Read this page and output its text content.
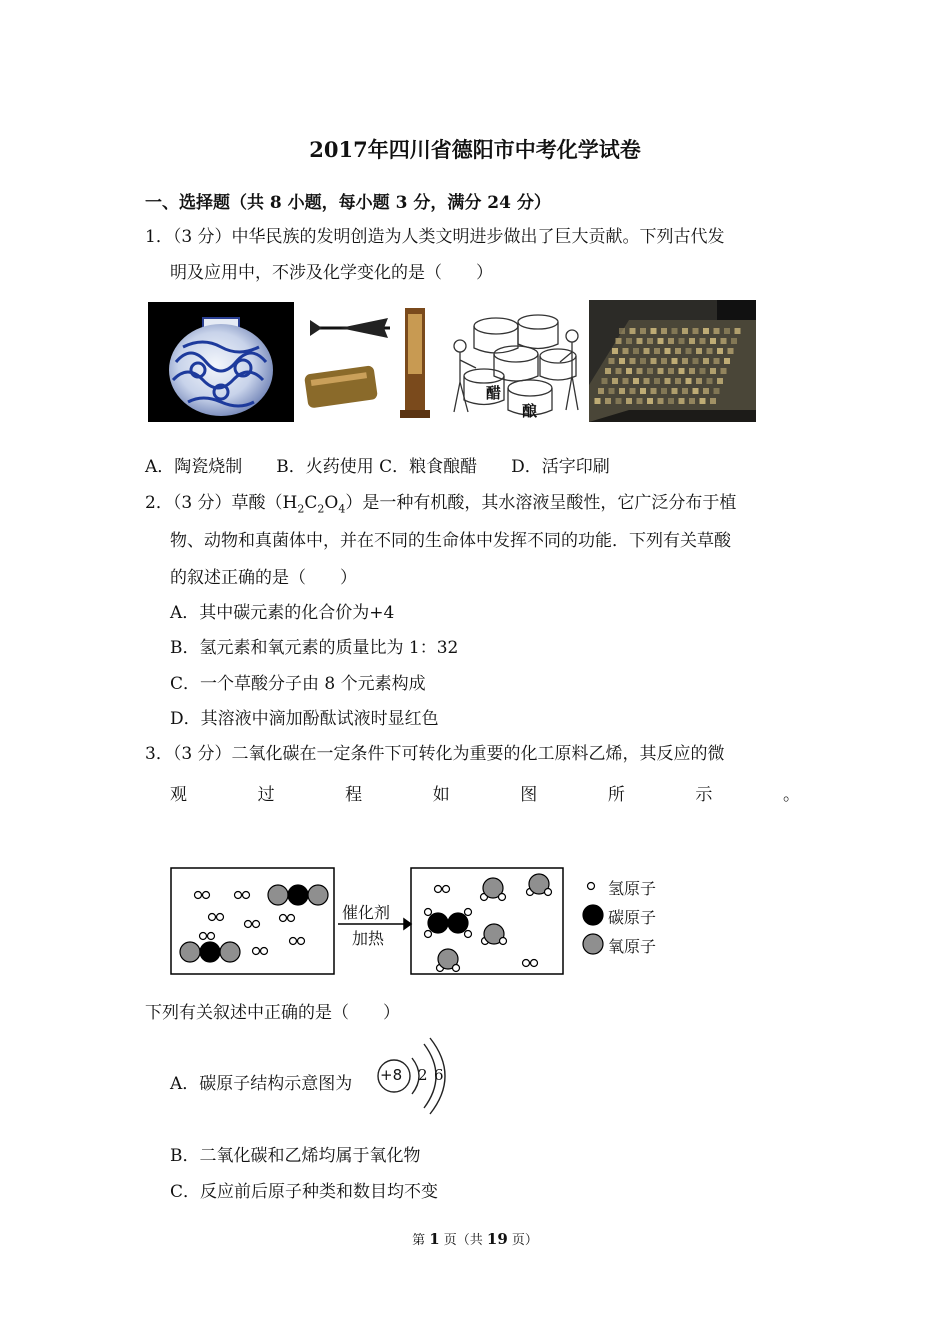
2017年四川省德阳市中考化学试卷
一、选择题（共 8 小题，每小题 3 分，满分 24 分）
1．（3 分）中华民族的发明创造为人类文明进步做出了巨大贡献。下列古代发
明及应用中，不涉及化学变化的是（　　）
醋
酿
A．陶瓷烧制　　B．火药使用 C．粮食酿醋　　D．活字印刷
2．（3 分）草酸$(H_2C_2O_4)$是一种有机酸，其水溶液呈酸性，它广泛分布于植
物、动物和真菌体中，并在不同的生命体中发挥不同的功能．下列有关草酸
的叙述正确的是（　　）
A．其中碳元素的化合价为+4
B．氢元素和氧元素的质量比为 1：32
C．一个草酸分子由 8 个元素构成
D．其溶液中滴加酚酞试液时显红色
3．（3 分）二氧化碳在一定条件下可转化为重要的化工原料乙烯，其反应的微
观	过	程	如	图	所	示	。
催化剂
加热
氢原子
碳原子
氧原子
下列有关叙述中正确的是（　　）
A．碳原子结构示意图为 +8 2 6
B．二氧化碳和乙烯均属于氧化物
C．反应前后原子种类和数目均不变
第 1 页（共 19 页）
